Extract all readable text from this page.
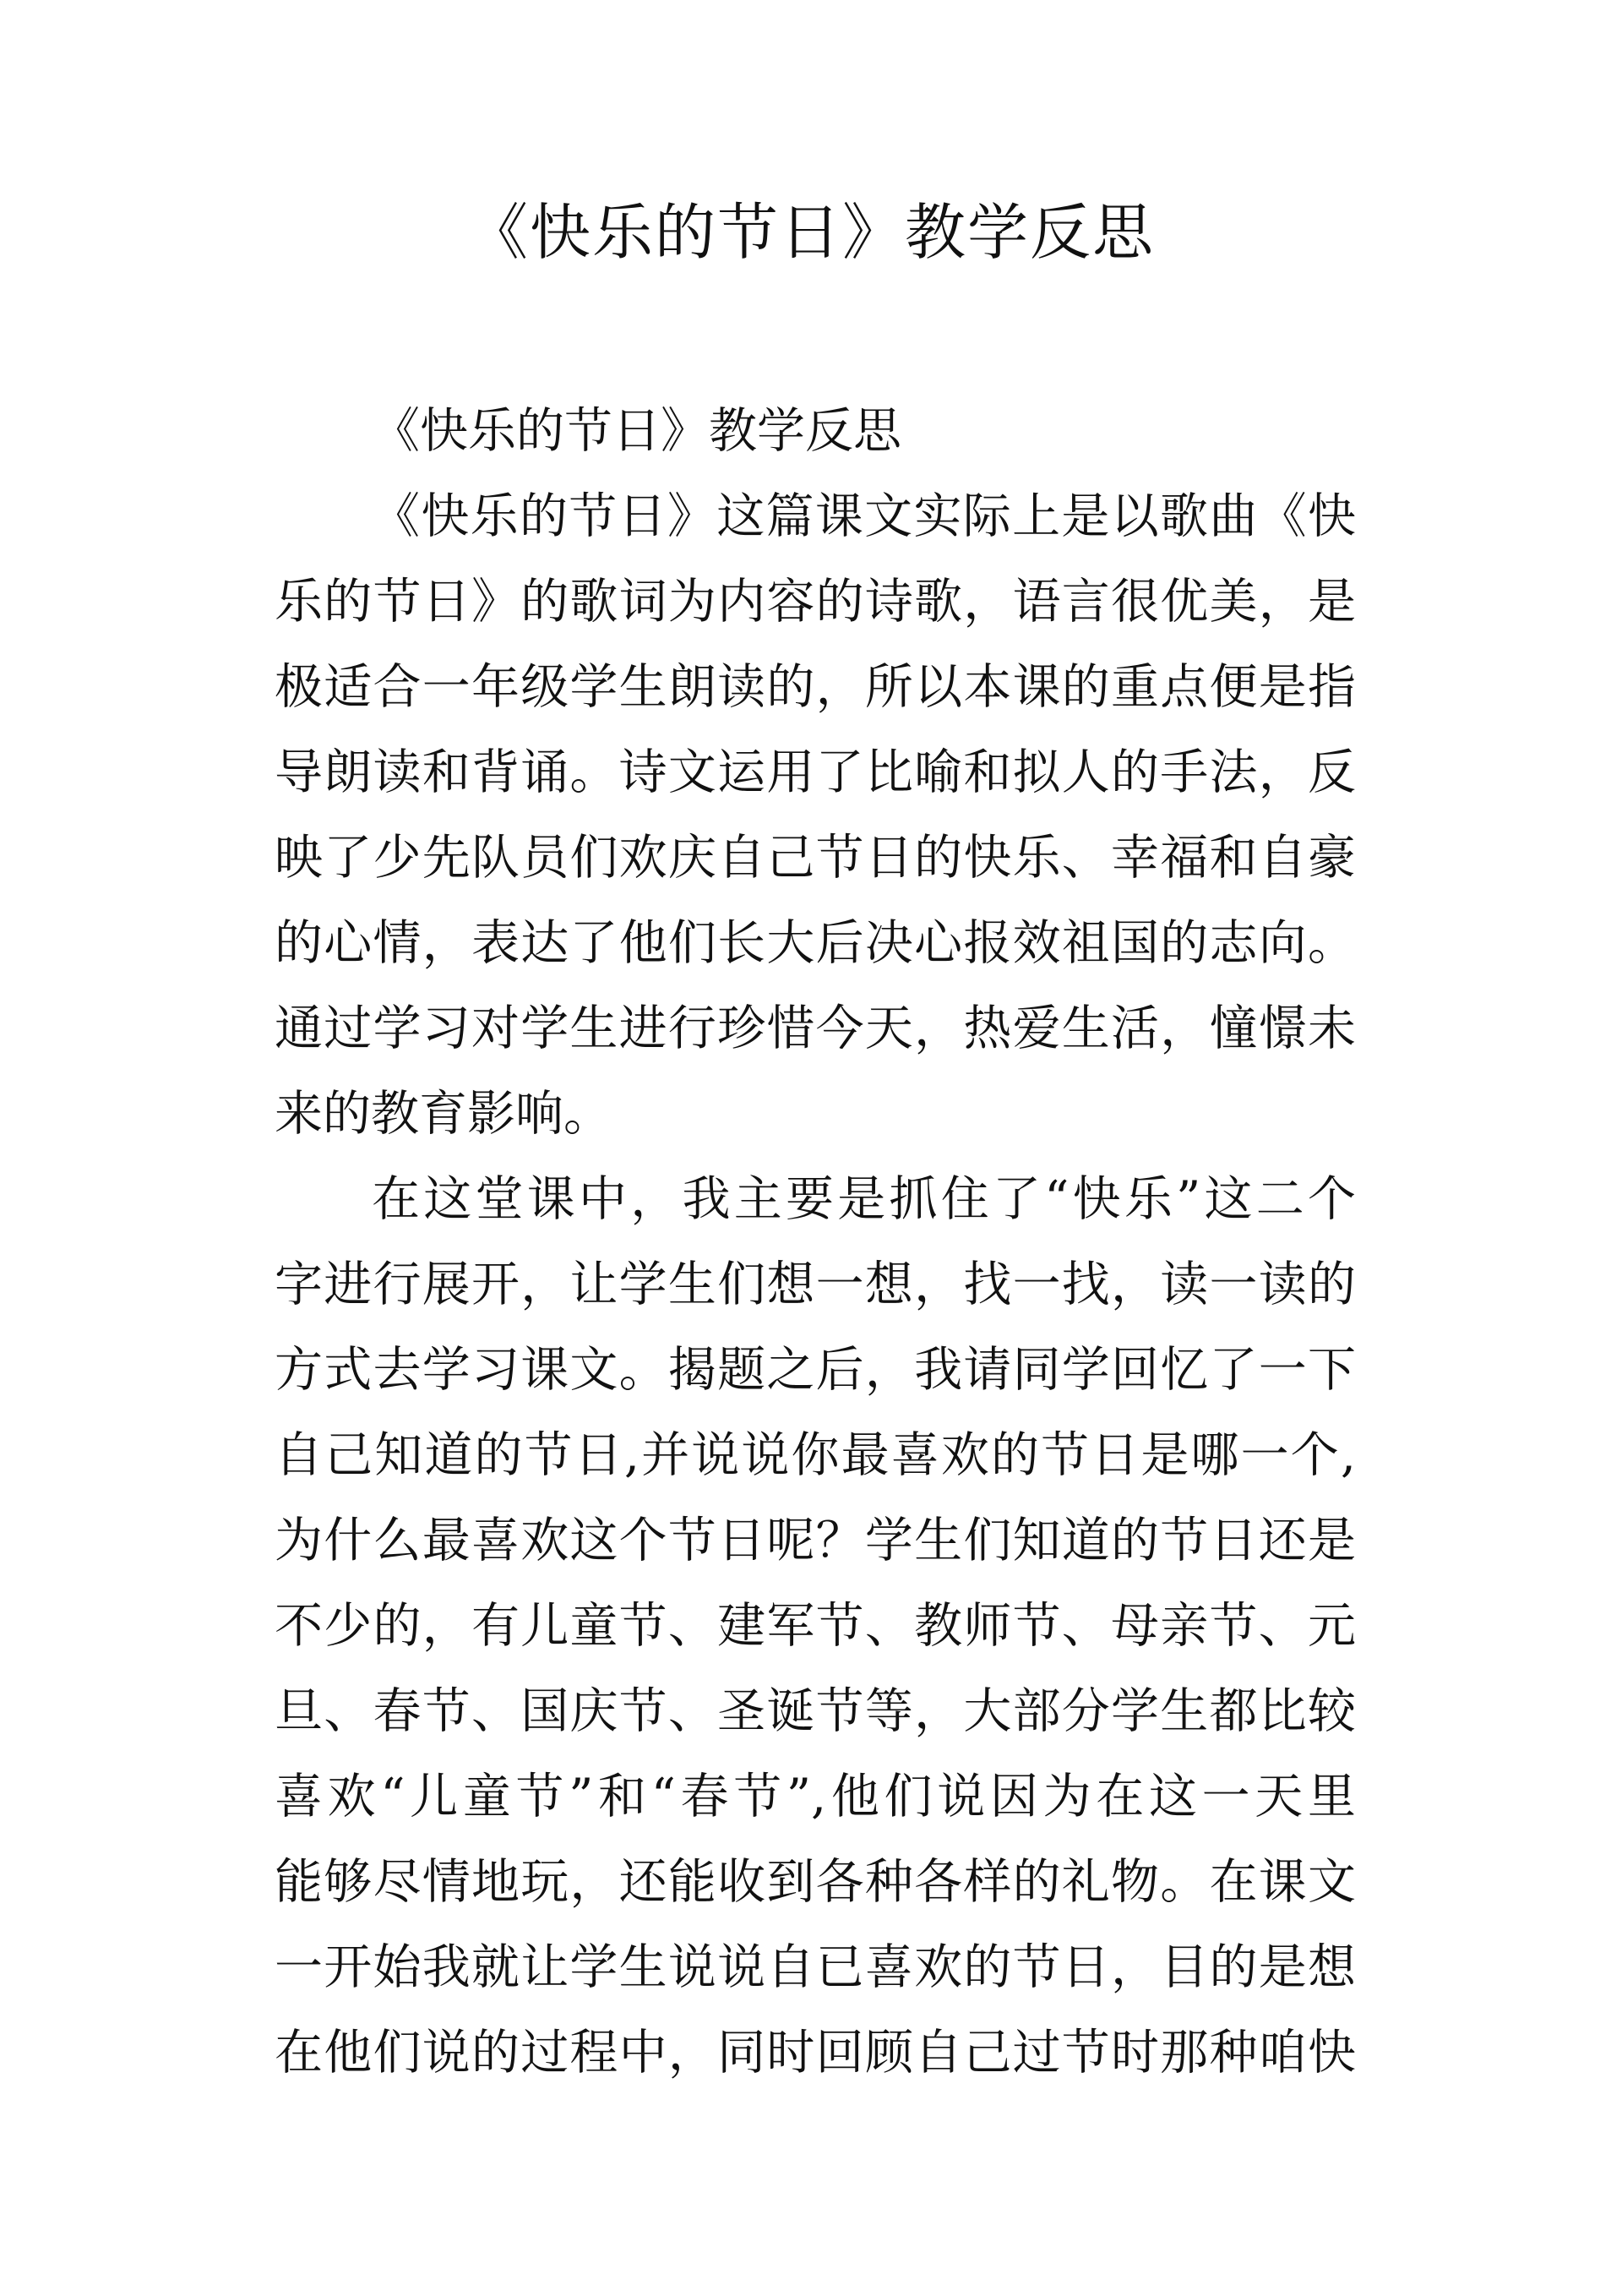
《快乐的节日》教学反思
《快乐的节日》教学反思
《快乐的节日》这篇课文实际上是以歌曲《快
乐的节日》的歌词为内容的诗歌，语言很优美，是
极适合一年级学生朗读的，所以本课的重点便是指
导朗读和背诵。诗文运用了比喻和拟人的手法，反
映了少先队员们欢庆自己节日的快乐、幸福和自豪
的心情，表达了他们长大后决心报效祖国的志向。
通过学习对学生进行珍惜今天，热爱生活，憧憬未
来的教育影响。
在这堂课中，我主要是抓住了“快乐”这二个
字进行展开，让学生们想一想，找一找，读一读的
方式去学习课文。揭题之后，我请同学回忆了一下
自己知道的节日,并说说你最喜欢的节日是哪一个,
为什么最喜欢这个节日呢？学生们知道的节日还是
不少的，有儿童节、建军节、教师节、母亲节、元
旦、春节、国庆节、圣诞节等，大部分学生都比较
喜欢“儿童节”和“春节”,他们说因为在这一天里
能够尽情地玩，还能收到各种各样的礼物。在课文
一开始我就让学生说说自已喜欢的节日，目的是想
在他们说的过程中，同时回顾自己过节时那种咱快
